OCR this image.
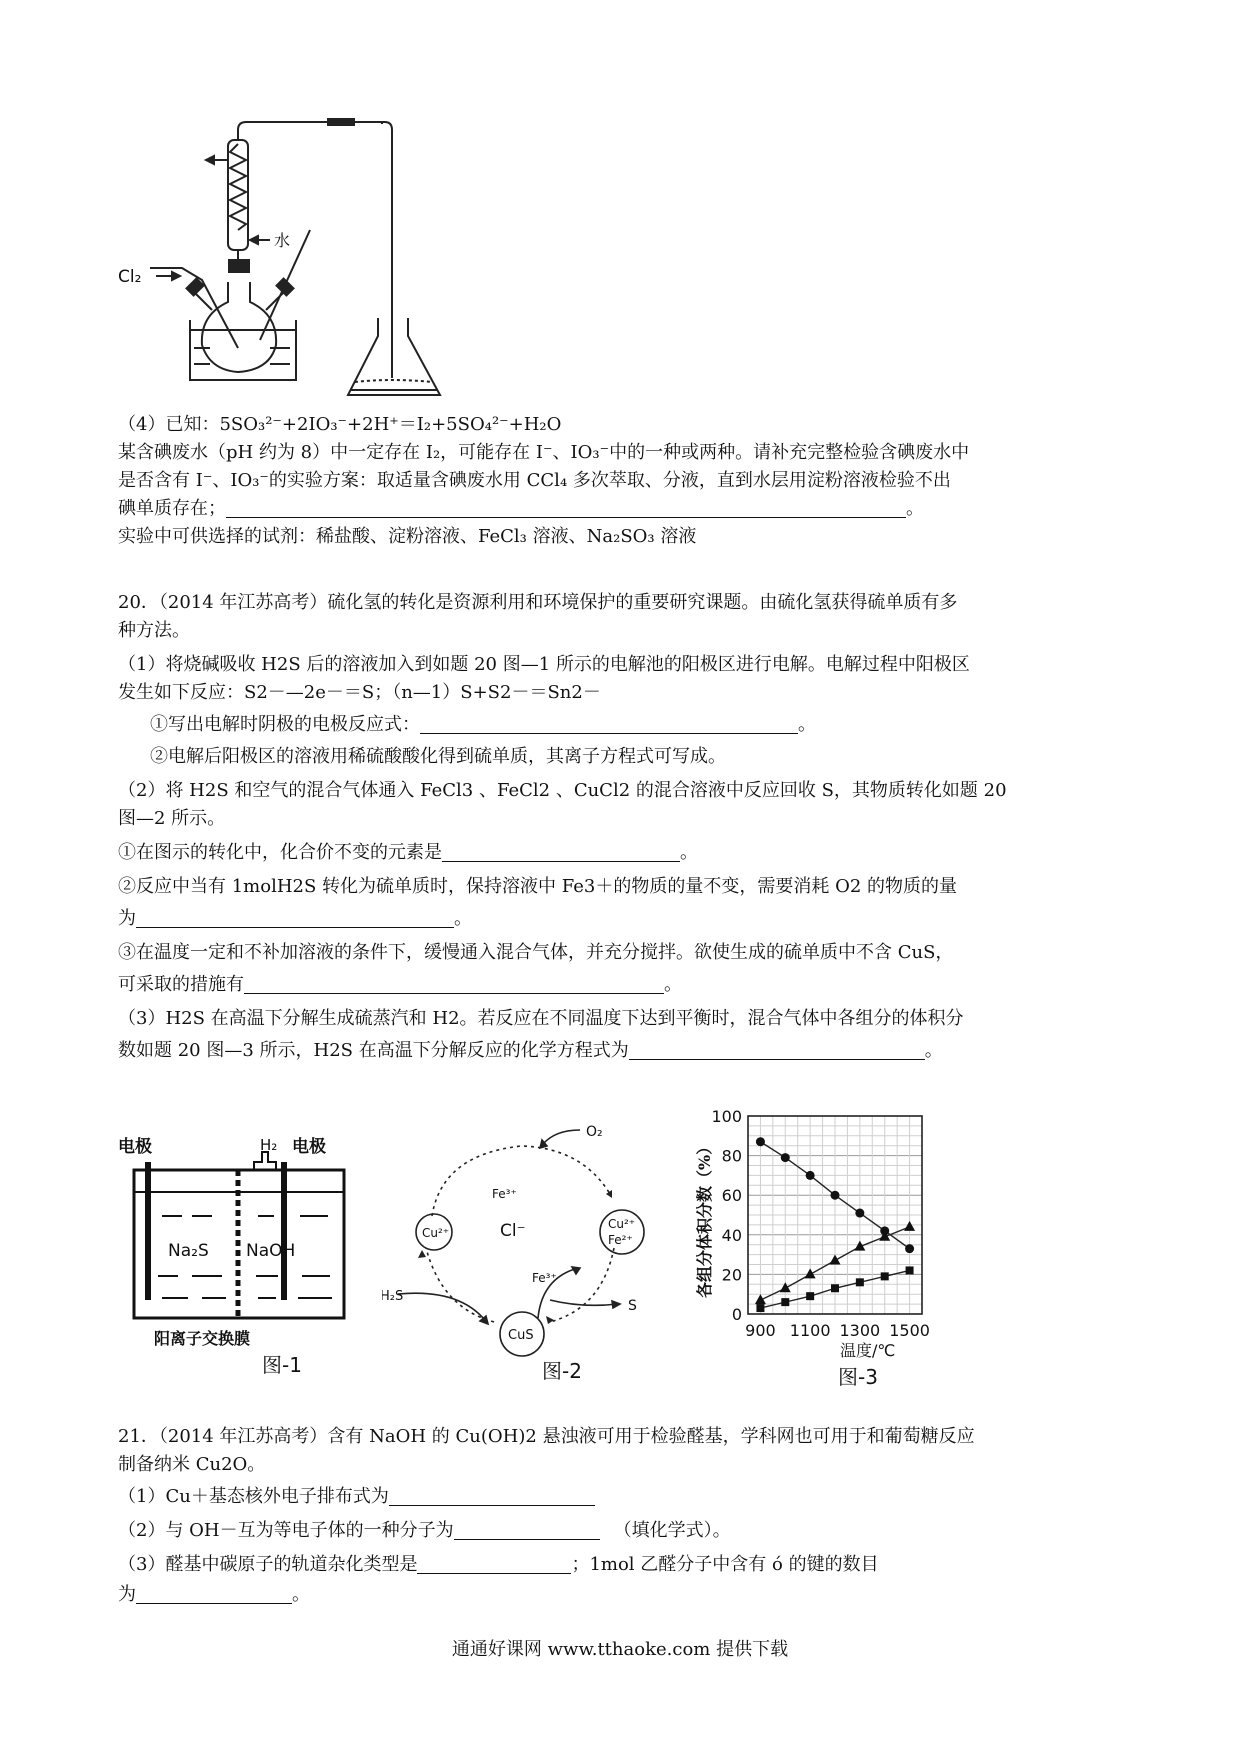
Cl₂
水
（4）已知：5SO₃²⁻+2IO₃⁻+2H⁺＝I₂+5SO₄²⁻+H₂O
某含碘废水（pH 约为 8）中一定存在 I₂，可能存在 I⁻、IO₃⁻中的一种或两种。请补充完整检验含碘废水中
是否含有 I⁻、IO₃⁻的实验方案：取适量含碘废水用 CCl₄ 多次萃取、分液，直到水层用淀粉溶液检验不出
碘单质存在；	。
实验中可供选择的试剂：稀盐酸、淀粉溶液、FeCl₃ 溶液、Na₂SO₃ 溶液
20．（2014 年江苏高考）硫化氢的转化是资源利用和环境保护的重要研究课题。由硫化氢获得硫单质有多
种方法。
（1）将烧碱吸收 H2S 后的溶液加入到如题 20 图—1 所示的电解池的阳极区进行电解。电解过程中阳极区
发生如下反应：S2－—2e－＝S；（n—1）S+S2－＝Sn2－
①写出电解时阴极的电极反应式：	。
②电解后阳极区的溶液用稀硫酸酸化得到硫单质，其离子方程式可写成。
（2）将 H2S 和空气的混合气体通入 FeCl3 、FeCl2 、CuCl2 的混合溶液中反应回收 S，其物质转化如题 20
图—2 所示。
①在图示的转化中，化合价不变的元素是	。
②反应中当有 1molH2S 转化为硫单质时，保持溶液中 Fe3＋的物质的量不变，需要消耗 O2 的物质的量
为	。
③在温度一定和不补加溶液的条件下，缓慢通入混合气体，并充分搅拌。欲使生成的硫单质中不含 CuS，
可采取的措施有	。
（3）H2S 在高温下分解生成硫蒸汽和 H2。若反应在不同温度下达到平衡时，混合气体中各组分的体积分
数如题 20 图—3 所示，H2S 在高温下分解反应的化学方程式为	。
电极	H₂ 电极
Na₂S NaOH
阳离子交换膜
图-1
O₂
Cu²⁺
Fe³⁺
Cl⁻	Cu²⁺
Fe²⁺
H₂S
Fe³⁺
S
CuS
图-2
0
20
40
60
80
100
900 1100 1300 1500
各组分体积分数（%）
温度/℃
图-3
21．（2014 年江苏高考）含有 NaOH 的 Cu(OH)2 悬浊液可用于检验醛基，学科网也可用于和葡萄糖反应
制备纳米 Cu2O。
（1）Cu＋基态核外电子排布式为
（2）与 OH－互为等电子体的一种分子为	（填化学式）。
（3）醛基中碳原子的轨道杂化类型是	；1mol 乙醛分子中含有 ó 的键的数目
为	。
通通好课网 www.tthaoke.com 提供下载
